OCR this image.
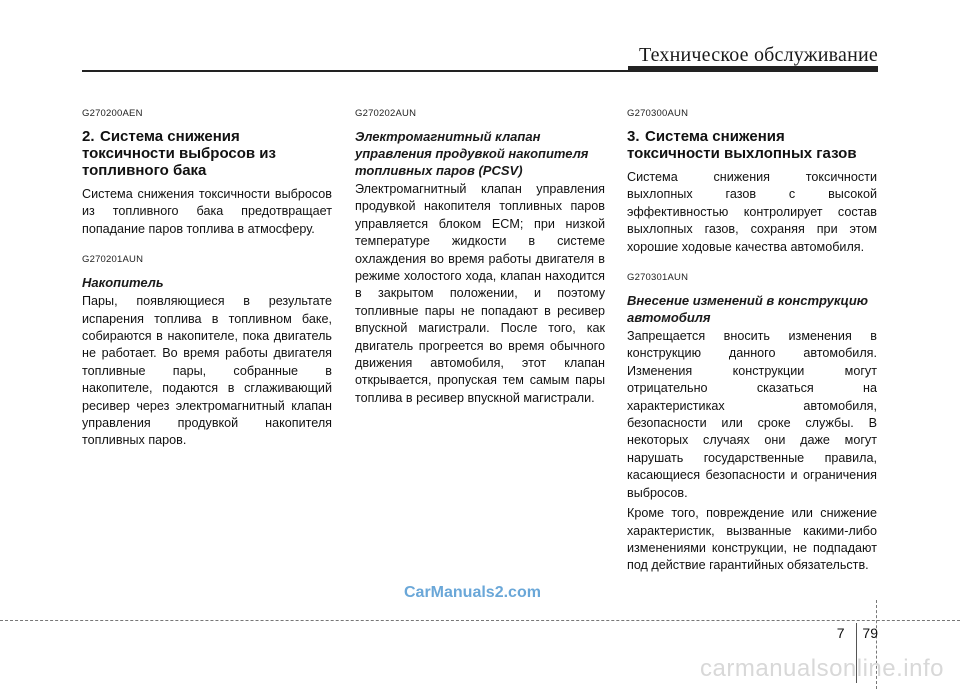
Техническое обслуживание
G270200AEN
2. Система снижения токсичности выбросов из топливного бака
Система снижения токсичности выбросов из топливного бака предотвращает попадание паров топлива в атмосферу.
G270201AUN
Накопитель
Пары, появляющиеся в результате испарения топлива в топливном баке, собираются в накопителе, пока двигатель не работает. Во время работы двигателя топливные пары, собранные в накопителе, подаются в сглаживающий ресивер через электромагнитный клапан управления продувкой накопителя топливных паров.
G270202AUN
Электромагнитный клапан управления продувкой накопителя топливных паров (PCSV)
Электромагнитный клапан управления продувкой накопителя топливных паров управляется блоком ECM; при низкой температуре жидкости в системе охлаждения во время работы двигателя в режиме холостого хода, клапан находится в закрытом положении, и поэтому топливные пары не попадают в ресивер впускной магистрали. После того, как двигатель прогреется во время обычного движения автомобиля, этот клапан открывается, пропуская тем самым пары топлива в ресивер впускной магистрали.
G270300AUN
3. Система снижения токсичности выхлопных газов
Система снижения токсичности выхлопных газов с высокой эффективностью контролирует состав выхлопных газов, сохраняя при этом хорошие ходовые качества автомобиля.
G270301AUN
Внесение изменений в конструкцию автомобиля
Запрещается вносить изменения в конструкцию данного автомобиля. Изменения конструкции могут отрицательно сказаться на характеристиках автомобиля, безопасности или сроке службы. В некоторых случаях они даже могут нарушать государственные правила, касающиеся безопасности и ограничения выбросов.
Кроме того, повреждение или снижение характеристик, вызванные какими-либо изменениями конструкции, не подпадают под действие гарантийных обязательств.
CarManuals2.com
7 79
carmanualsonline.info
